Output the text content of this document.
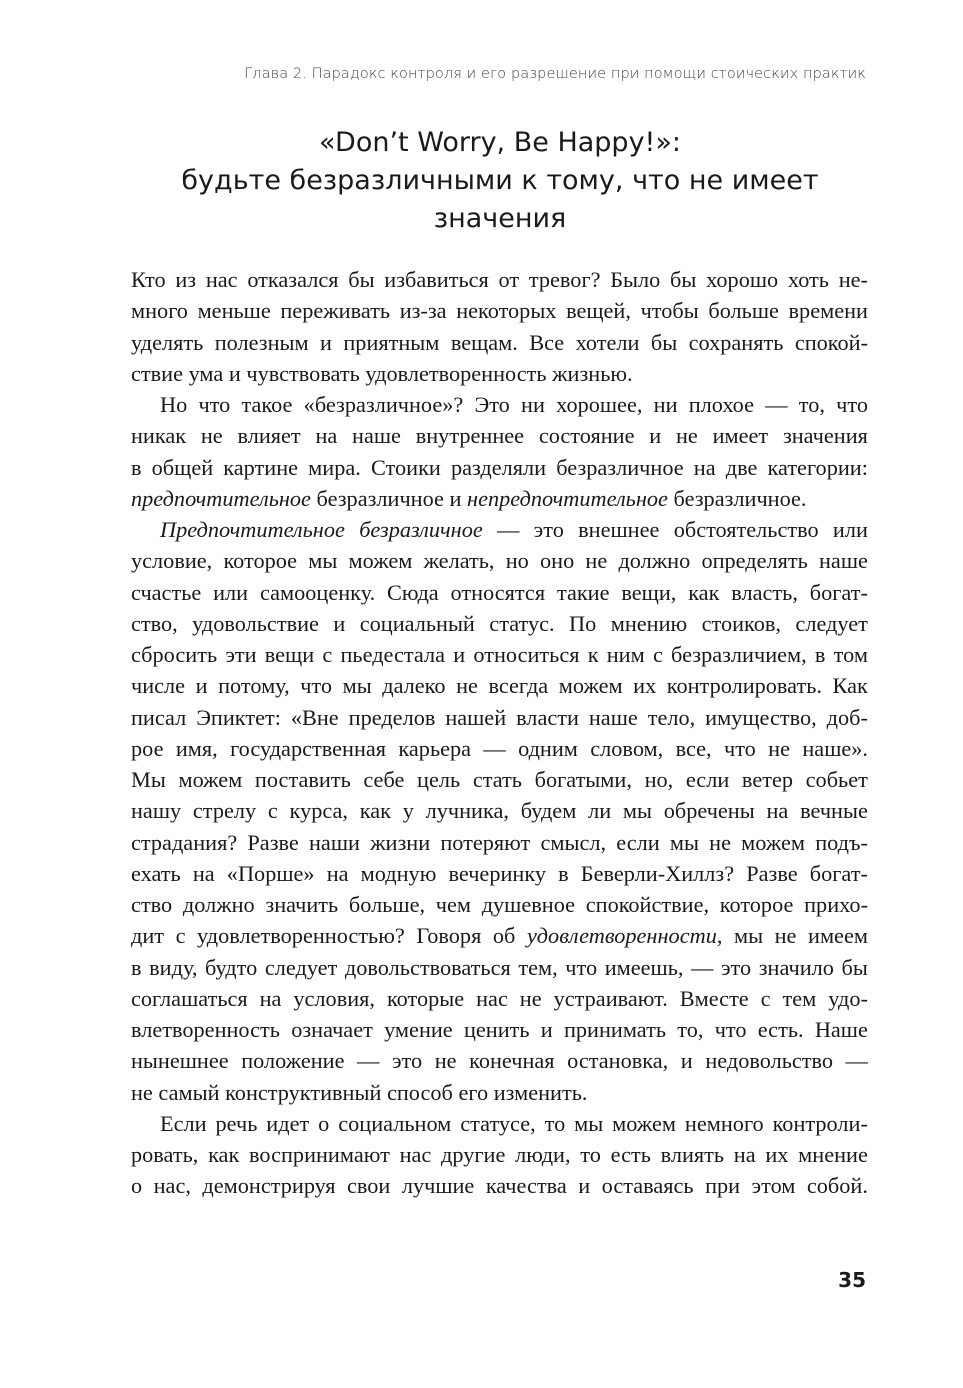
Глава 2. Парадокс контроля и его разрешение при помощи стоических практик
«Don’t Worry, Be Happy!»:
будьте безразличными к тому, что не имеет
значения
Кто из нас отказался бы избавиться от тревог? Было бы хорошо хоть не-
много меньше переживать из-за некоторых вещей, чтобы больше времени
уделять полезным и приятным вещам. Все хотели бы сохранять спокой-
ствие ума и чувствовать удовлетворенность жизнью.
Но что такое «безразличное»? Это ни хорошее, ни плохое — то, что
никак не влияет на наше внутреннее состояние и не имеет значения
в общей картине мира. Стоики разделяли безразличное на две категории:
предпочтительное безразличное и непредпочтительное безразличное.
Предпочтительное безразличное — это внешнее обстоятельство или
условие, которое мы можем желать, но оно не должно определять наше
счастье или самооценку. Сюда относятся такие вещи, как власть, богат-
ство, удовольствие и социальный статус. По мнению стоиков, следует
сбросить эти вещи с пьедестала и относиться к ним с безразличием, в том
числе и потому, что мы далеко не всегда можем их контролировать. Как
писал Эпиктет: «Вне пределов нашей власти наше тело, имущество, доб-
рое имя, государственная карьера — одним словом, все, что не наше».
Мы можем поставить себе цель стать богатыми, но, если ветер собьет
нашу стрелу с курса, как у лучника, будем ли мы обречены на вечные
страдания? Разве наши жизни потеряют смысл, если мы не можем подъ-
ехать на «Порше» на модную вечеринку в Беверли-Хиллз? Разве богат-
ство должно значить больше, чем душевное спокойствие, которое прихо-
дит с удовлетворенностью? Говоря об удовлетворенности, мы не имеем
в виду, будто следует довольствоваться тем, что имеешь, — это значило бы
соглашаться на условия, которые нас не устраивают. Вместе с тем удо-
влетворенность означает умение ценить и принимать то, что есть. Наше
нынешнее положение — это не конечная остановка, и недовольство —
не самый конструктивный способ его изменить.
Если речь идет о социальном статусе, то мы можем немного контроли-
ровать, как воспринимают нас другие люди, то есть влиять на их мнение
о нас, демонстрируя свои лучшие качества и оставаясь при этом собой.
35
